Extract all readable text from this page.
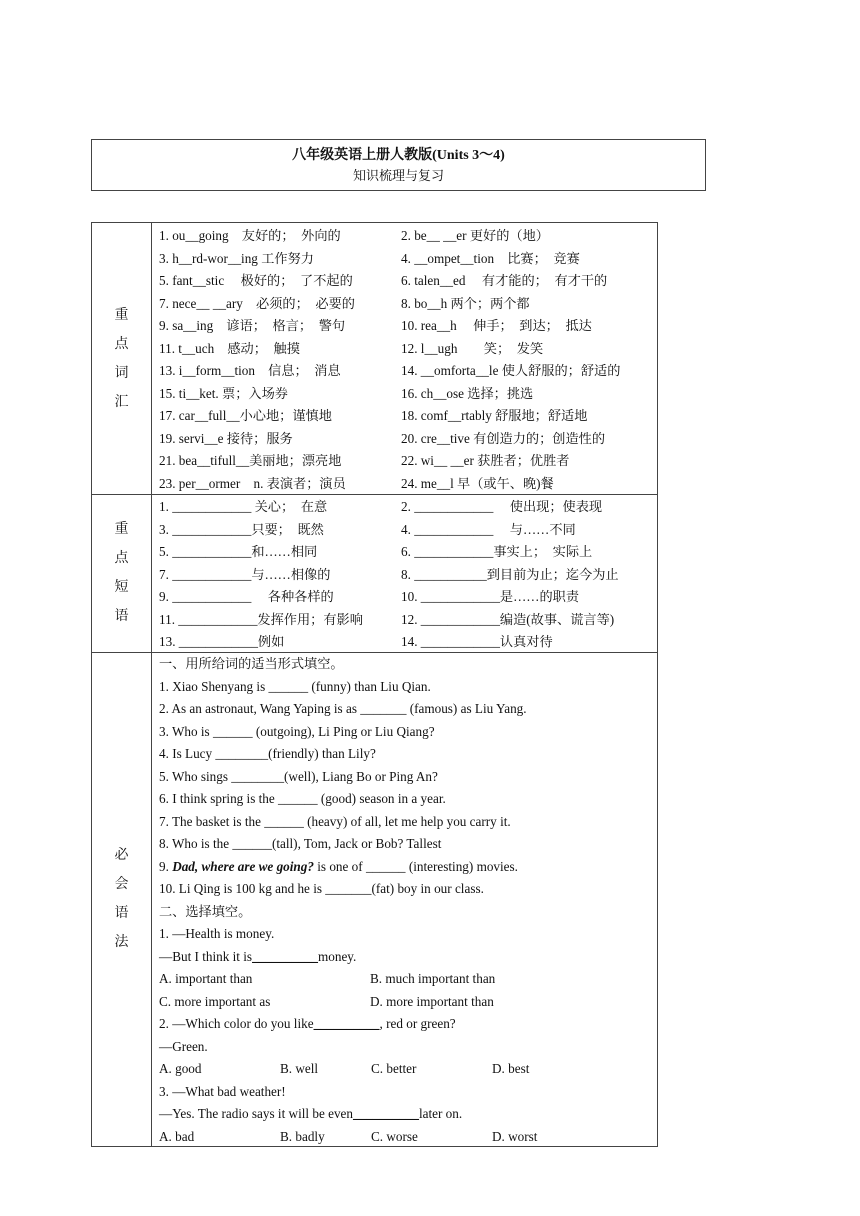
八年级英语上册人教版(Units 3～4)
知识梳理与复习
重
点
词
汇
1. ou__going　友好的；　外向的	2. be__ __er 更好的（地）
3. h__rd-wor__ing 工作努力	4. __ompet__tion　比赛；　竞赛
5. fant__stic　 极好的；　了不起的	6. talen__ed　 有才能的；　有才干的
7. nece__ __ary　必须的；　必要的	8. bo__h 两个；两个都
9. sa__ing　谚语；　格言；　警句	10. rea__h　 伸手；　到达；　抵达
11. t__uch　感动；　触摸	12. l__ugh　　笑；　发笑
13. i__form__tion　信息；　消息	14. __omforta__le 使人舒服的；舒适的
15. ti__ket. 票；入场券	16. ch__ose 选择；挑选
17. car__full__小心地；谨慎地	18. comf__rtably 舒服地；舒适地
19. servi__e 接待；服务	20. cre__tive 有创造力的；创造性的
21. bea__tifull__美丽地；漂亮地	22. wi__ __er 获胜者；优胜者
23. per__ormer　n. 表演者；演员	24. me__l 早（或午、晚)餐
重
点
短
语
1. ____________ 关心；　在意	2. ____________　 使出现；使表现
3. ____________只要；　既然	4. ____________　 与……不同
5. ____________和……相同	6. ____________事实上；　实际上
7. ____________与……相像的	8. ___________到目前为止；迄今为止
9. ____________　 各种各样的	10. ____________是……的职责
11. ____________发挥作用；有影响	12. ____________编造(故事、谎言等)
13. ____________例如	14. ____________认真对待
必
会
语
法
一、用所给词的适当形式填空。
1. Xiao Shenyang is ______ (funny) than Liu Qian.
2. As an astronaut, Wang Yaping is as _______ (famous) as Liu Yang.
3. Who is ______ (outgoing), Li Ping or Liu Qiang?
4. Is Lucy ________(friendly) than Lily?
5. Who sings ________(well), Liang Bo or Ping An?
6. I think spring is the ______ (good) season in a year.
7. The basket is the ______ (heavy) of all, let me help you carry it.
8. Who is the ______(tall), Tom, Jack or Bob? Tallest
9. Dad, where are we going? is one of ______ (interesting) movies.
10. Li Qing is 100 kg and he is _______(fat) boy in our class.
二、选择填空。
1. —Health is money.
—But I think it is__________money.
A. important than	B. much important than
C. more important as	D. more important than
2. —Which color do you like__________, red or green?
—Green.
A. good	B. well	C. better	D. best
3. —What bad weather!
—Yes. The radio says it will be even__________later on.
A. bad	B. badly	C. worse	D. worst
